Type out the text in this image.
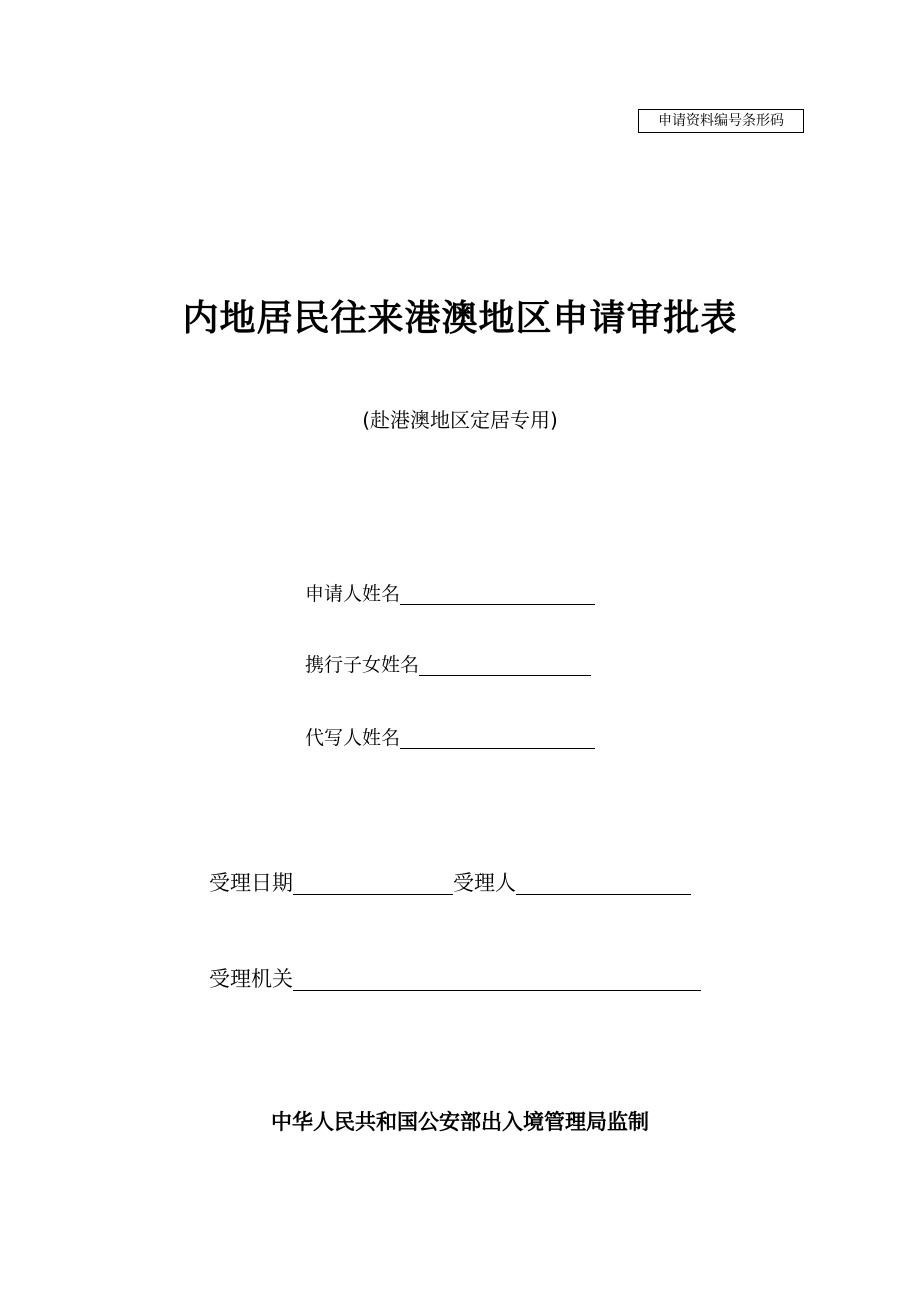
申请资料编号条形码
内地居民往来港澳地区申请审批表
(赴港澳地区定居专用)
申请人姓名
携行子女姓名
代写人姓名
受理日期	受理人
受理机关
中华人民共和国公安部出入境管理局监制
